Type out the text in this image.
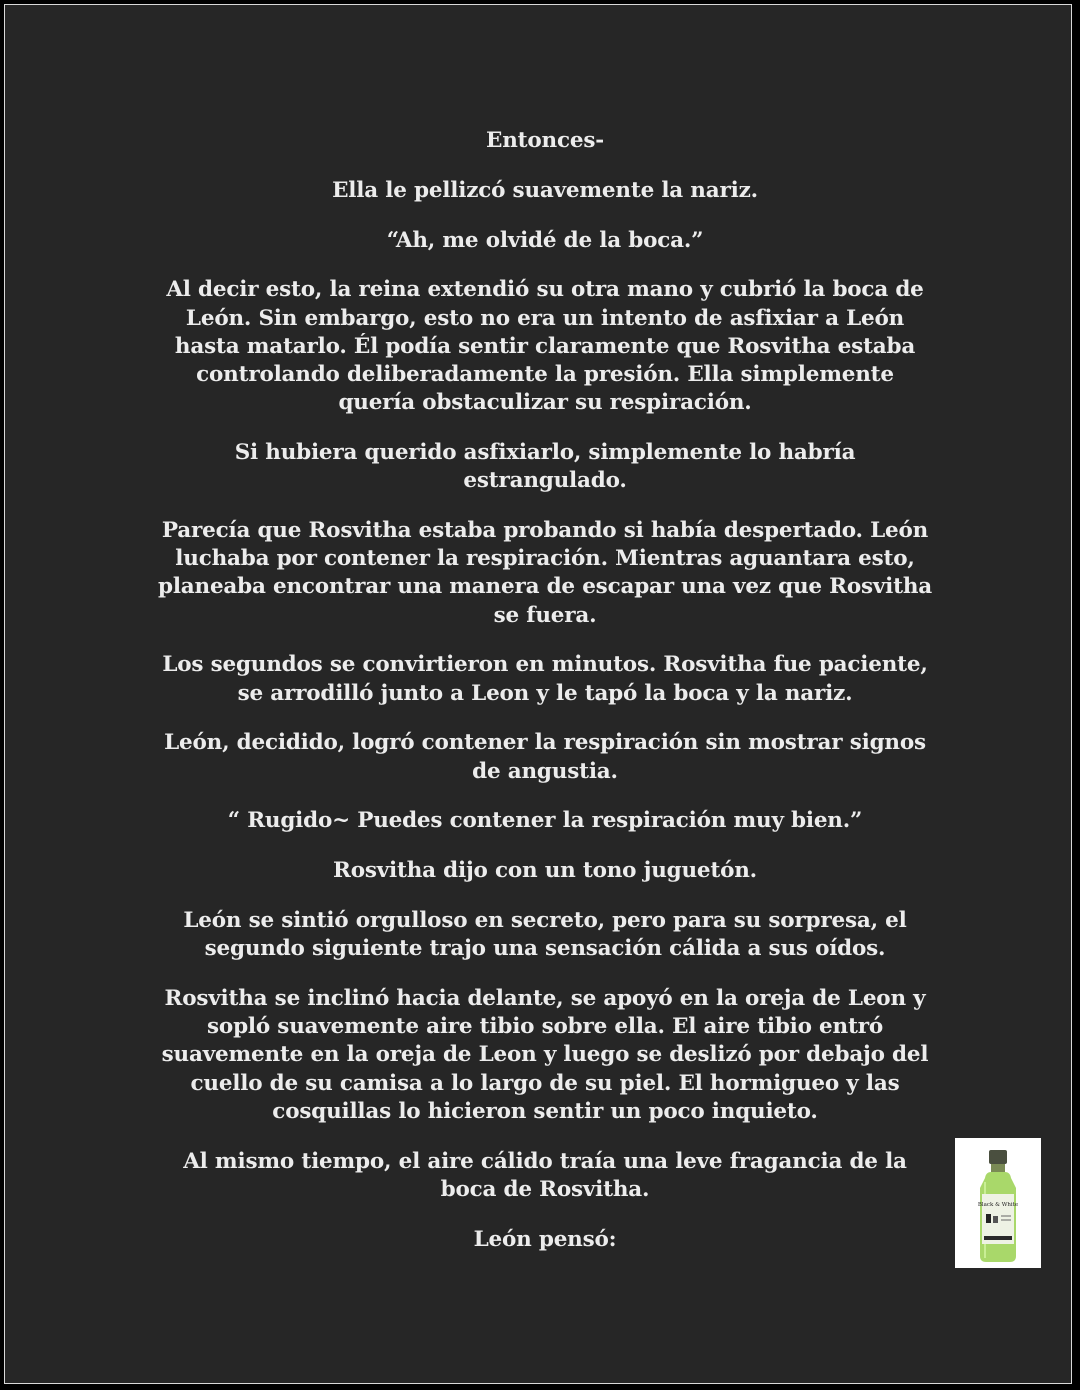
Entonces-

Ella le pellizcó suavemente la nariz.

“Ah, me olvidé de la boca.”

Al decir esto, la reina extendió su otra mano y cubrió la boca de León. Sin embargo, esto no era un intento de asfixiar a León hasta matarlo. Él podía sentir claramente que Rosvitha estaba controlando deliberadamente la presión. Ella simplemente quería obstaculizar su respiración.

Si hubiera querido asfixiarlo, simplemente lo habría estrangulado.

Parecía que Rosvitha estaba probando si había despertado. León luchaba por contener la respiración. Mientras aguantara esto, planeaba encontrar una manera de escapar una vez que Rosvitha se fuera.

Los segundos se convirtieron en minutos. Rosvitha fue paciente, se arrodilló junto a Leon y le tapó la boca y la nariz.

León, decidido, logró contener la respiración sin mostrar signos de angustia.

“ Rugido~ Puedes contener la respiración muy bien.”

Rosvitha dijo con un tono juguetón.

León se sintió orgulloso en secreto, pero para su sorpresa, el segundo siguiente trajo una sensación cálida a sus oídos.

Rosvitha se inclinó hacia delante, se apoyó en la oreja de Leon y sopló suavemente aire tibio sobre ella. El aire tibio entró suavemente en la oreja de Leon y luego se deslizó por debajo del cuello de su camisa a lo largo de su piel. El hormigueo y las cosquillas lo hicieron sentir un poco inquieto.

Al mismo tiempo, el aire cálido traía una leve fragancia de la boca de Rosvitha.

León pensó:

Black & White
